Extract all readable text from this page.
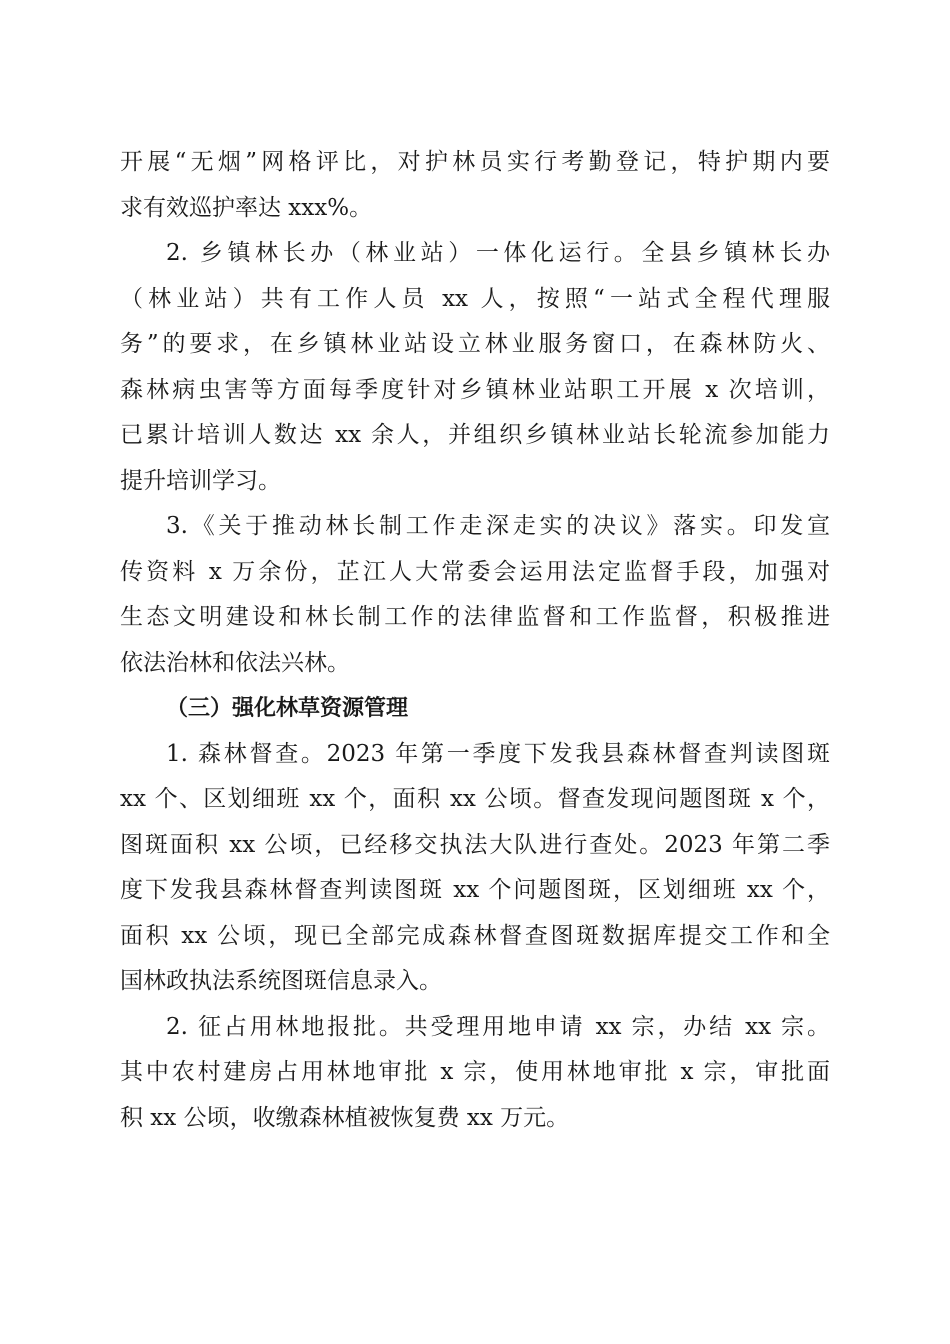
开展“无烟”网格评比，对护林员实行考勤登记，特护期内要
求有效巡护率达 xxx%。

2. 乡镇林长办（林业站）一体化运行。全县乡镇林长办
（林业站）共有工作人员 xx 人，按照“一站式全程代理服
务”的要求，在乡镇林业站设立林业服务窗口，在森林防火、
森林病虫害等方面每季度针对乡镇林业站职工开展 x 次培训，
已累计培训人数达 xx 余人，并组织乡镇林业站长轮流参加能力
提升培训学习。

3.《关于推动林长制工作走深走实的决议》落实。印发宣
传资料 x 万余份，芷江人大常委会运用法定监督手段，加强对
生态文明建设和林长制工作的法律监督和工作监督，积极推进
依法治林和依法兴林。

（三）强化林草资源管理

1. 森林督查。2023 年第一季度下发我县森林督查判读图斑
xx 个、区划细班 xx 个，面积 xx 公顷。督查发现问题图斑 x 个，
图斑面积 xx 公顷，已经移交执法大队进行查处。2023 年第二季
度下发我县森林督查判读图斑 xx 个问题图斑，区划细班 xx 个，
面积 xx 公顷，现已全部完成森林督查图斑数据库提交工作和全
国林政执法系统图斑信息录入。

2. 征占用林地报批。共受理用地申请 xx 宗，办结 xx 宗。
其中农村建房占用林地审批 x 宗，使用林地审批 x 宗，审批面
积 xx 公顷，收缴森林植被恢复费 xx 万元。
